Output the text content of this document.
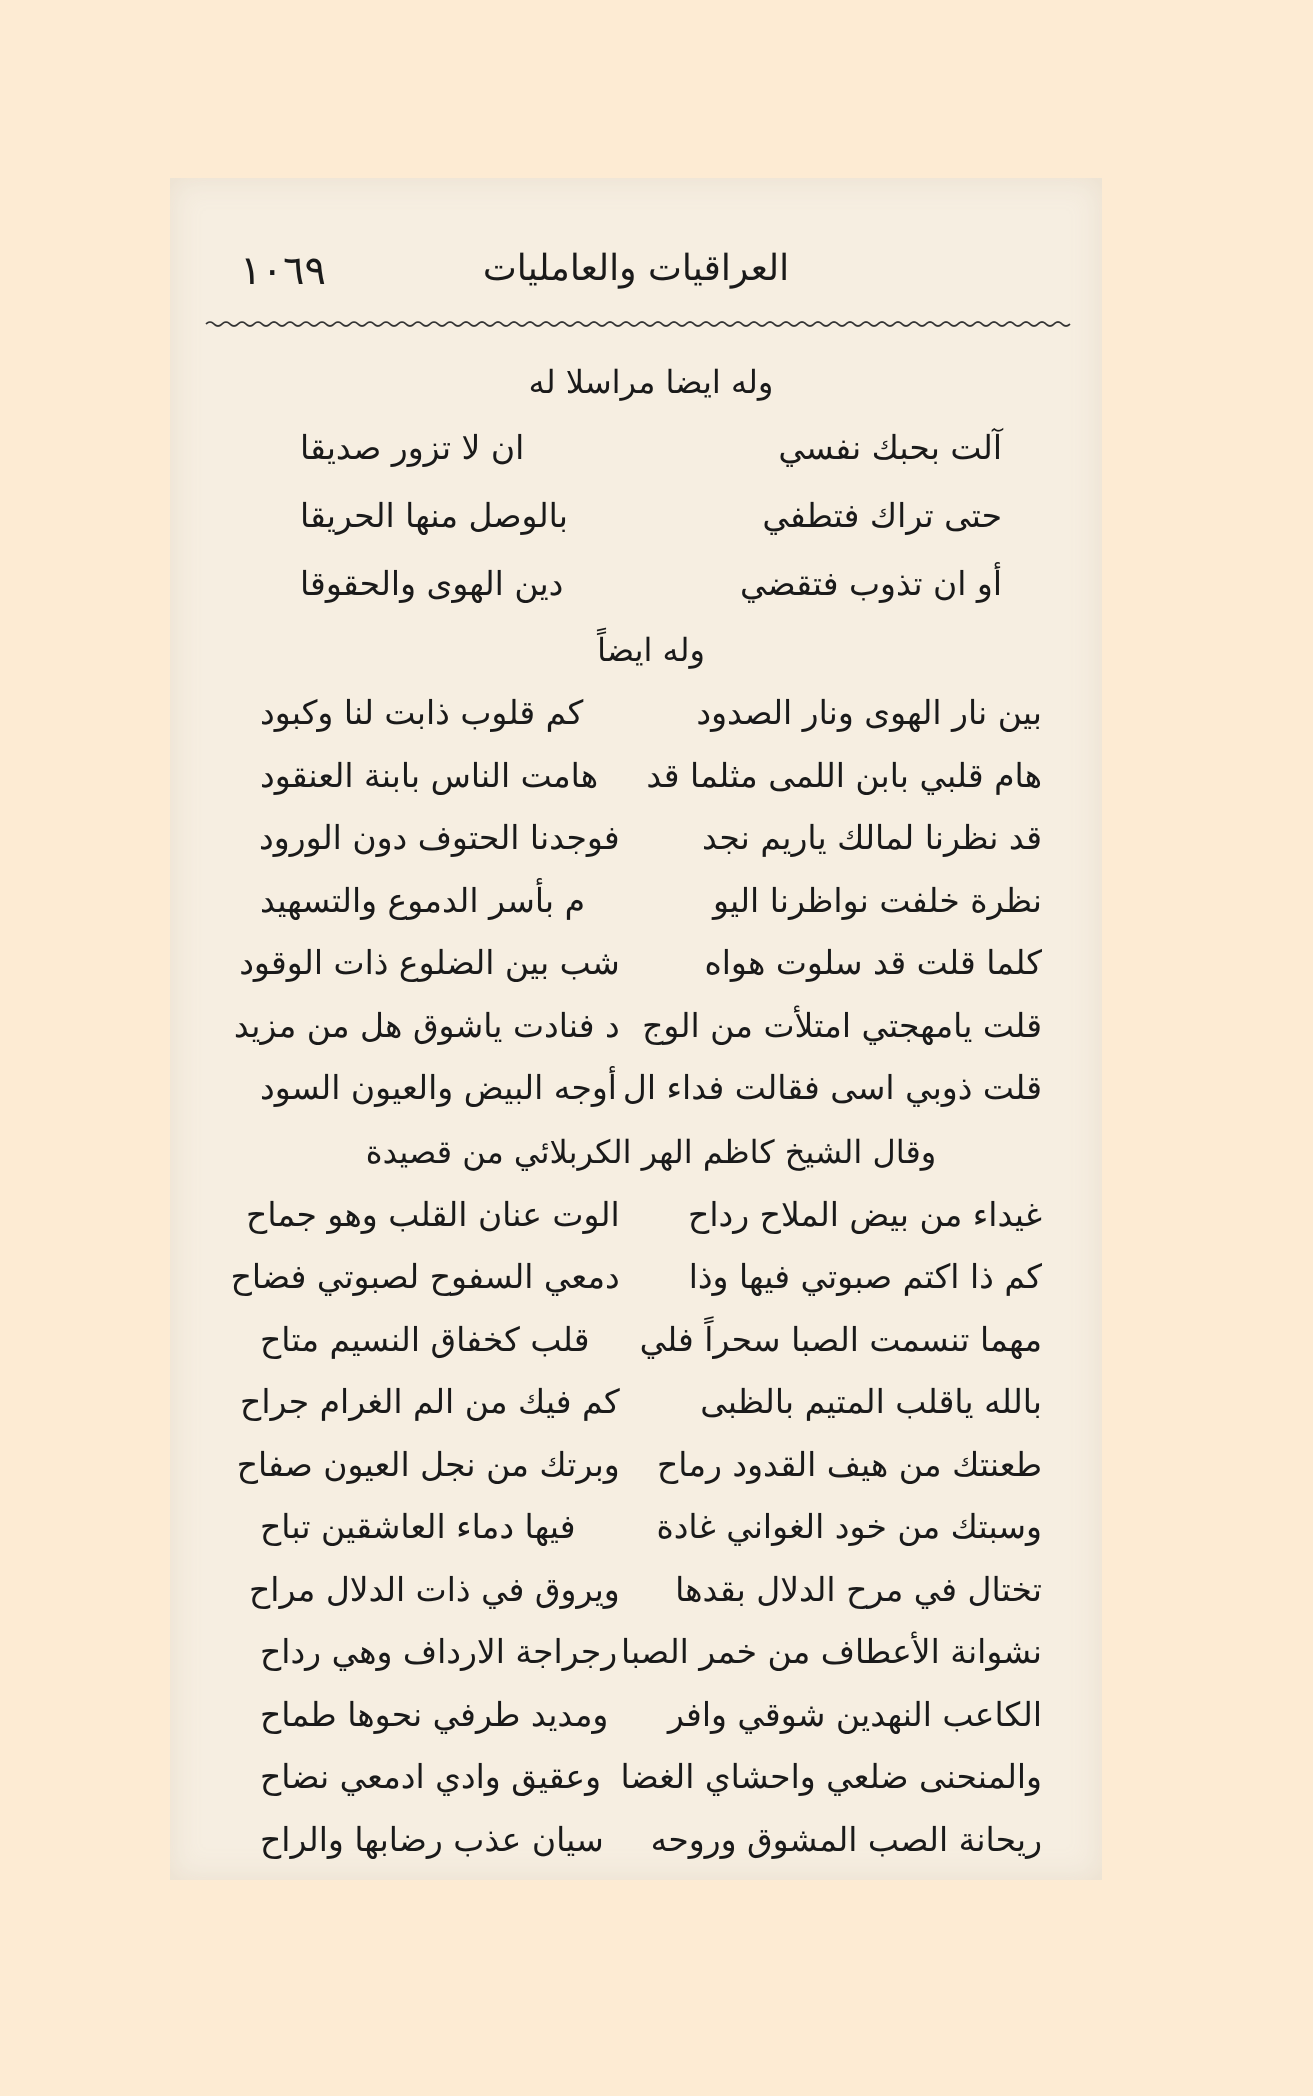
١٠٦٩	العراقيات والعامليات
وله ايضا مراسلا له
آلت بحبك نفسي
ان لا تزور صديقا
حتى تراك فتطفي
بالوصل منها الحريقا
أو ان تذوب فتقضي
دين الهوى والحقوقا
وله ايضاً
بين نار الهوى ونار الصدود
كم قلوب ذابت لنا وكبود
هام قلبي بابن اللمى مثلما قد
هامت الناس بابنة العنقود
قد نظرنا لمالك ياريم نجد
فوجدنا الحتوف دون الورود
نظرة خلفت نواظرنا اليو
م بأسر الدموع والتسهيد
كلما قلت قد سلوت هواه
شب بين الضلوع ذات الوقود
قلت يامهجتي امتلأت من الوج
د فنادت ياشوق هل من مزيد
قلت ذوبي اسى فقالت فداء ال
أوجه البيض والعيون السود
وقال الشيخ كاظم الهر الكربلائي من قصيدة
غيداء من بيض الملاح رداح
الوت عنان القلب وهو جماح
كم ذا اكتم صبوتي فيها وذا
دمعي السفوح لصبوتي فضاح
مهما تنسمت الصبا سحراً فلي
قلب كخفاق النسيم متاح
بالله ياقلب المتيم بالظبى
كم فيك من الم الغرام جراح
طعنتك من هيف القدود رماح
وبرتك من نجل العيون صفاح
وسبتك من خود الغواني غادة
فيها دماء العاشقين تباح
تختال في مرح الدلال بقدها
ويروق في ذات الدلال مراح
نشوانة الأعطاف من خمر الصبا
رجراجة الارداف وهي رداح
الكاعب النهدين شوقي وافر
ومديد طرفي نحوها طماح
والمنحنى ضلعي واحشاي الغضا
وعقيق وادي ادمعي نضاح
ريحانة الصب المشوق وروحه
سيان عذب رضابها والراح
